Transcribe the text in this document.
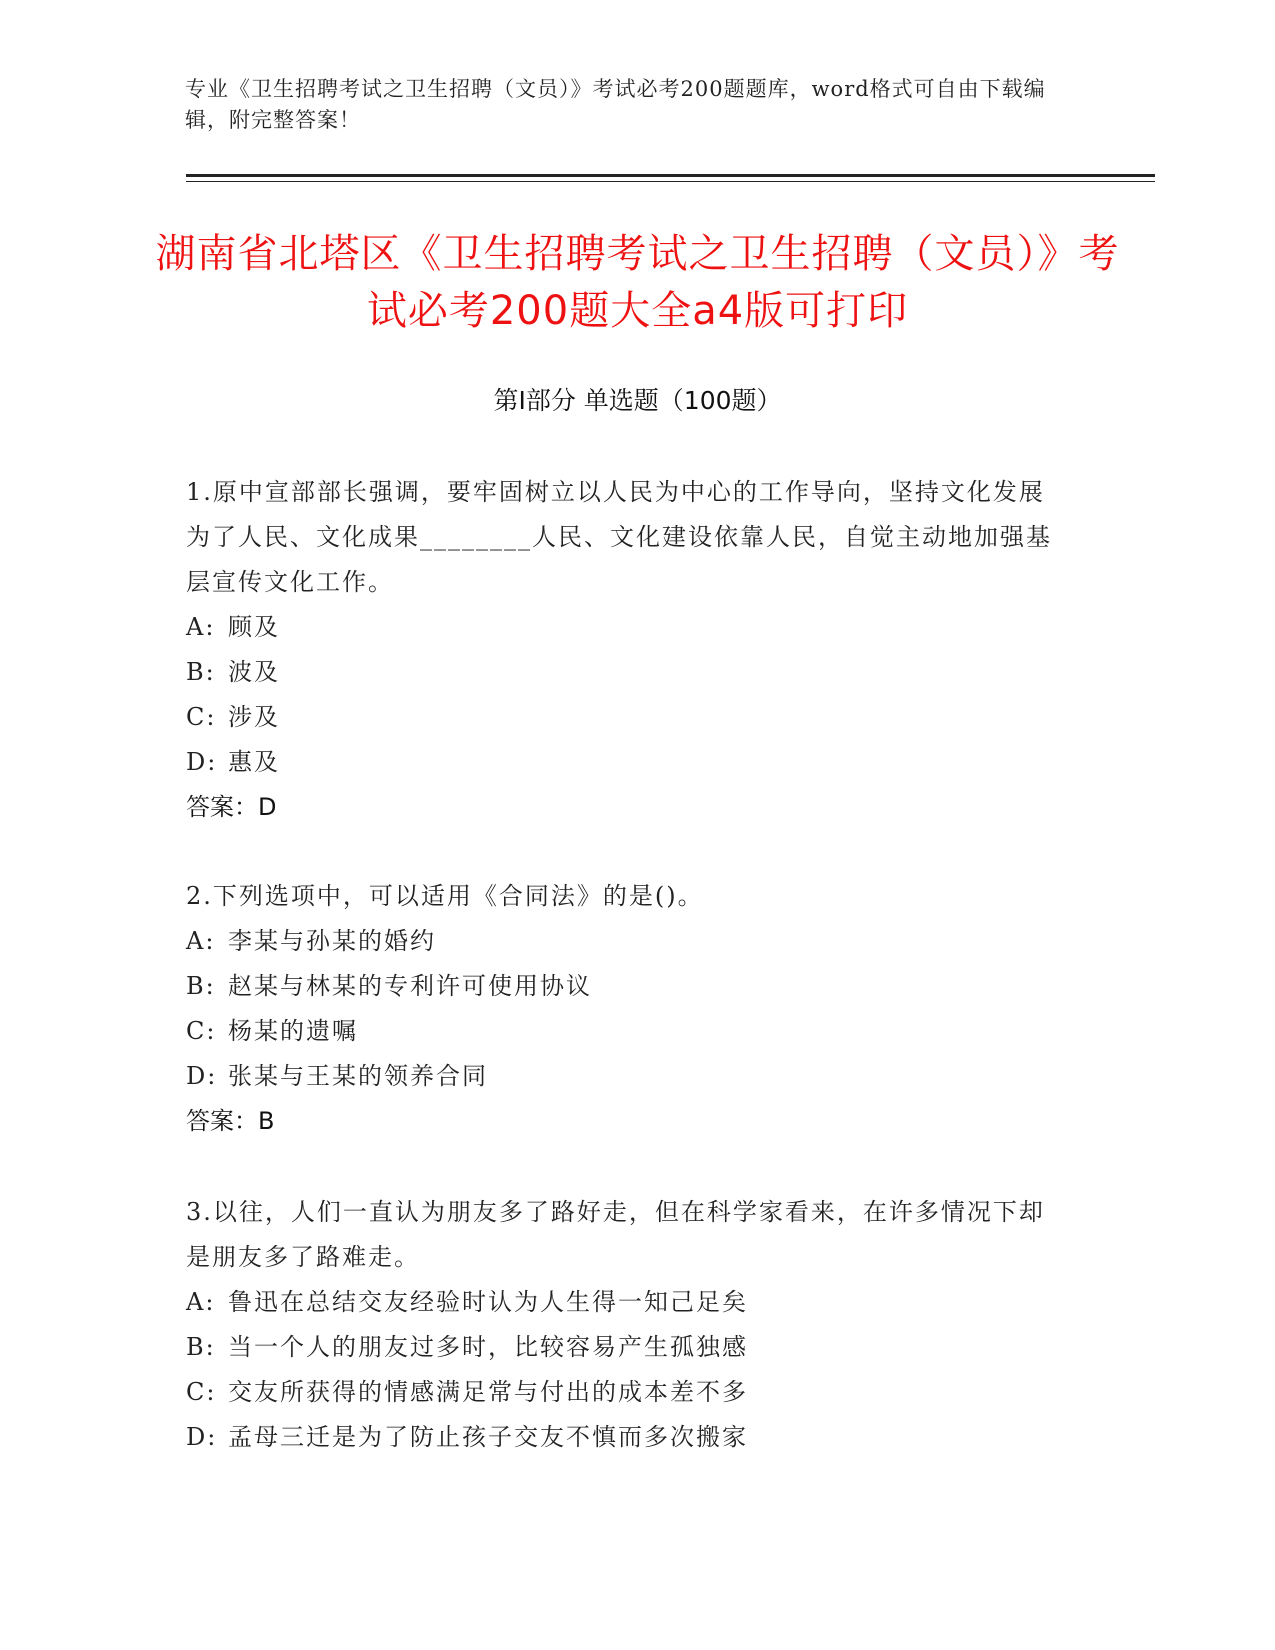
专业《卫生招聘考试之卫生招聘（文员）》考试必考200题题库，word格式可自由下载编辑，附完整答案！
湖南省北塔区《卫生招聘考试之卫生招聘（文员）》考试必考200题大全a4版可打印
第I部分 单选题（100题）
1.原中宣部部长强调，要牢固树立以人民为中心的工作导向，坚持文化发展为了人民、文化成果________人民、文化建设依靠人民，自觉主动地加强基层宣传文化工作。
A: 顾及
B: 波及
C: 涉及
D: 惠及
答案：D
2.下列选项中，可以适用《合同法》的是()。
A: 李某与孙某的婚约
B: 赵某与林某的专利许可使用协议
C: 杨某的遗嘱
D: 张某与王某的领养合同
答案：B
3.以往，人们一直认为朋友多了路好走，但在科学家看来，在许多情况下却是朋友多了路难走。
A: 鲁迅在总结交友经验时认为人生得一知己足矣
B: 当一个人的朋友过多时，比较容易产生孤独感
C: 交友所获得的情感满足常与付出的成本差不多
D: 孟母三迁是为了防止孩子交友不慎而多次搬家
